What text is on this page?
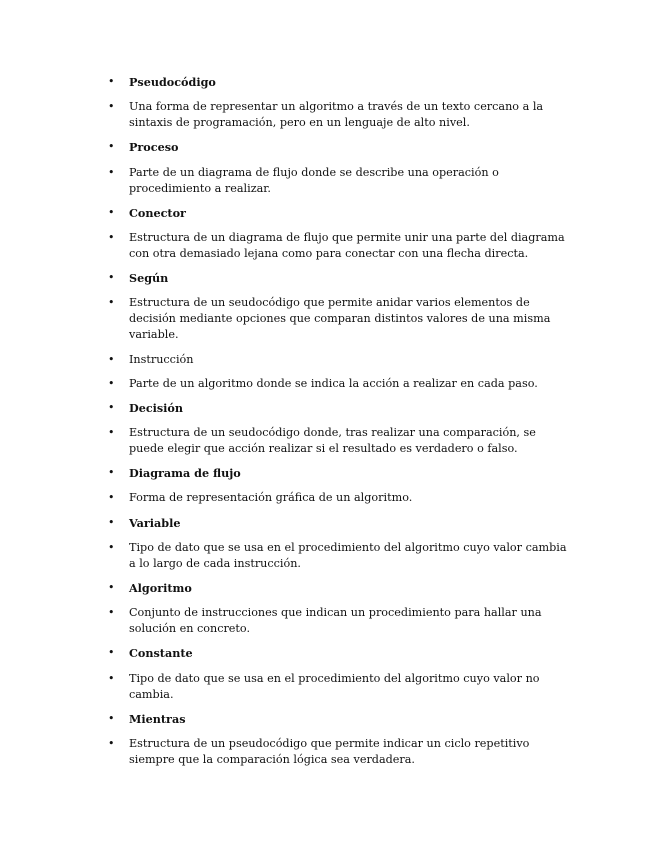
• Pseudocódigo
• Una forma de representar un algoritmo a través de un texto cercano a la sintaxis de programación, pero en un lenguaje de alto nivel.
• Proceso
• Parte de un diagrama de flujo donde se describe una operación o procedimiento a realizar.
• Conector
• Estructura de un diagrama de flujo que permite unir una parte del diagrama con otra demasiado lejana como para conectar con una flecha directa.
• Según
• Estructura de un seudocódigo que permite anidar varios elementos de decisión mediante opciones que comparan distintos valores de una misma variable.
• Instrucción
• Parte de un algoritmo donde se indica la acción a realizar en cada paso.
• Decisión
• Estructura de un seudocódigo donde, tras realizar una comparación, se puede elegir que acción realizar si el resultado es verdadero o falso.
• Diagrama de flujo
• Forma de representación gráfica de un algoritmo.
• Variable
• Tipo de dato que se usa en el procedimiento del algoritmo cuyo valor cambia a lo largo de cada instrucción.
• Algoritmo
• Conjunto de instrucciones que indican un procedimiento para hallar una solución en concreto.
• Constante
• Tipo de dato que se usa en el procedimiento del algoritmo cuyo valor no cambia.
• Mientras
• Estructura de un pseudocódigo que permite indicar un ciclo repetitivo siempre que la comparación lógica sea verdadera.
